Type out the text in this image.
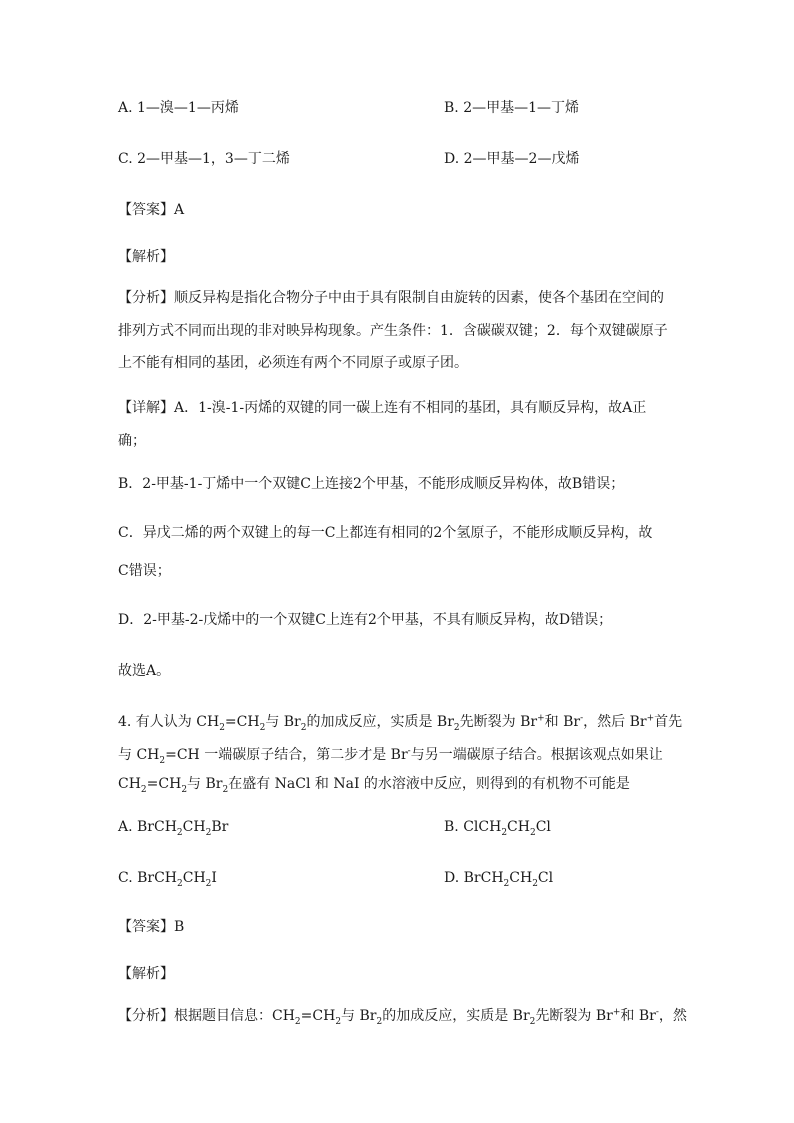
A. 1—溴—1—丙烯	B. 2—甲基—1—丁烯
C. 2—甲基—1，3—丁二烯	D. 2—甲基—2—戊烯
【答案】A
【解析】
【分析】顺反异构是指化合物分子中由于具有限制自由旋转的因素，使各个基团在空间的
排列方式不同而出现的非对映异构现象。产生条件：1．含碳碳双键；2．每个双键碳原子
上不能有相同的基团，必须连有两个不同原子或原子团。
【详解】A．1-溴-1-丙烯的双键的同一碳上连有不相同的基团，具有顺反异构，故A正
确；
B．2-甲基-1-丁烯中一个双键C上连接2个甲基，不能形成顺反异构体，故B错误；
C．异戊二烯的两个双键上的每一C上都连有相同的2个氢原子，不能形成顺反异构，故
C错误；
D．2-甲基-2-戊烯中的一个双键C上连有2个甲基，不具有顺反异构，故D错误；
故选A。
4. 有人认为 $CH_2=CH_2$与 $Br_2$的加成反应，实质是 $Br_2$先断裂为 Br+和 Br-，然后 Br+首先
与 $CH_2=CH$ 一端碳原子结合，第二步才是 Br-与另一端碳原子结合。根据该观点如果让
$CH_2=CH_2$与 $Br_2$在盛有 NaCl 和 NaI 的水溶液中反应，则得到的有机物不可能是
A. $BrCH_2CH_2Br$	B. $ClCH_2CH_2Cl$
C. $BrCH_2CH_2I$	D. $BrCH_2CH_2Cl$
【答案】B
【解析】
【分析】根据题目信息：$CH_2=CH_2$与 $Br_2$的加成反应，实质是 $Br_2$先断裂为 Br+和 Br-，然
